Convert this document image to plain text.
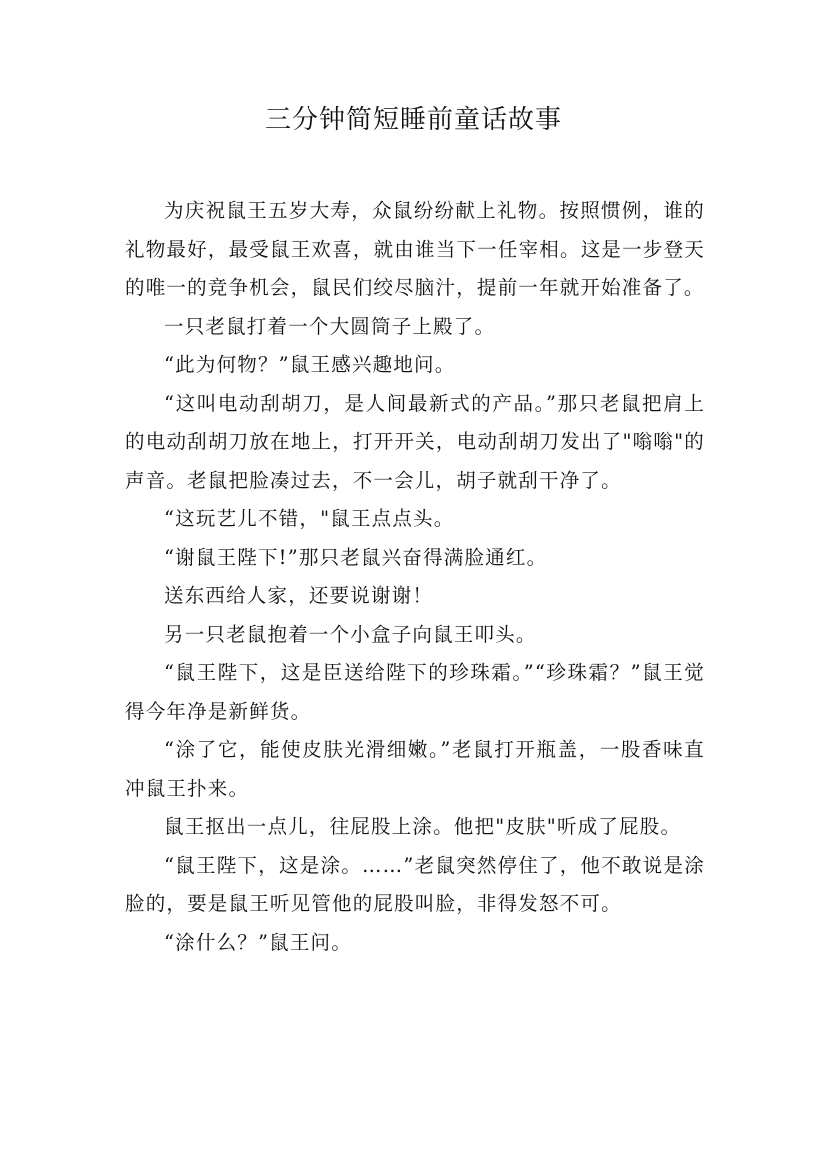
三分钟简短睡前童话故事

为庆祝鼠王五岁大寿，众鼠纷纷献上礼物。按照惯例，谁的礼物最好，最受鼠王欢喜，就由谁当下一任宰相。这是一步登天的唯一的竞争机会，鼠民们绞尽脑汁，提前一年就开始准备了。

一只老鼠打着一个大圆筒子上殿了。

“此为何物？”鼠王感兴趣地问。

“这叫电动刮胡刀，是人间最新式的产品。”那只老鼠把肩上的电动刮胡刀放在地上，打开开关，电动刮胡刀发出了"嗡嗡"的声音。老鼠把脸凑过去，不一会儿，胡子就刮干净了。

“这玩艺儿不错，"鼠王点点头。

“谢鼠王陛下!”那只老鼠兴奋得满脸通红。

送东西给人家，还要说谢谢！

另一只老鼠抱着一个小盒子向鼠王叩头。

“鼠王陛下，这是臣送给陛下的珍珠霜。”“珍珠霜？”鼠王觉得今年净是新鲜货。

“涂了它，能使皮肤光滑细嫩。”老鼠打开瓶盖，一股香味直冲鼠王扑来。

鼠王抠出一点儿，往屁股上涂。他把"皮肤"听成了屁股。

“鼠王陛下，这是涂。……”老鼠突然停住了，他不敢说是涂脸的，要是鼠王听见管他的屁股叫脸，非得发怒不可。

“涂什么？”鼠王问。
